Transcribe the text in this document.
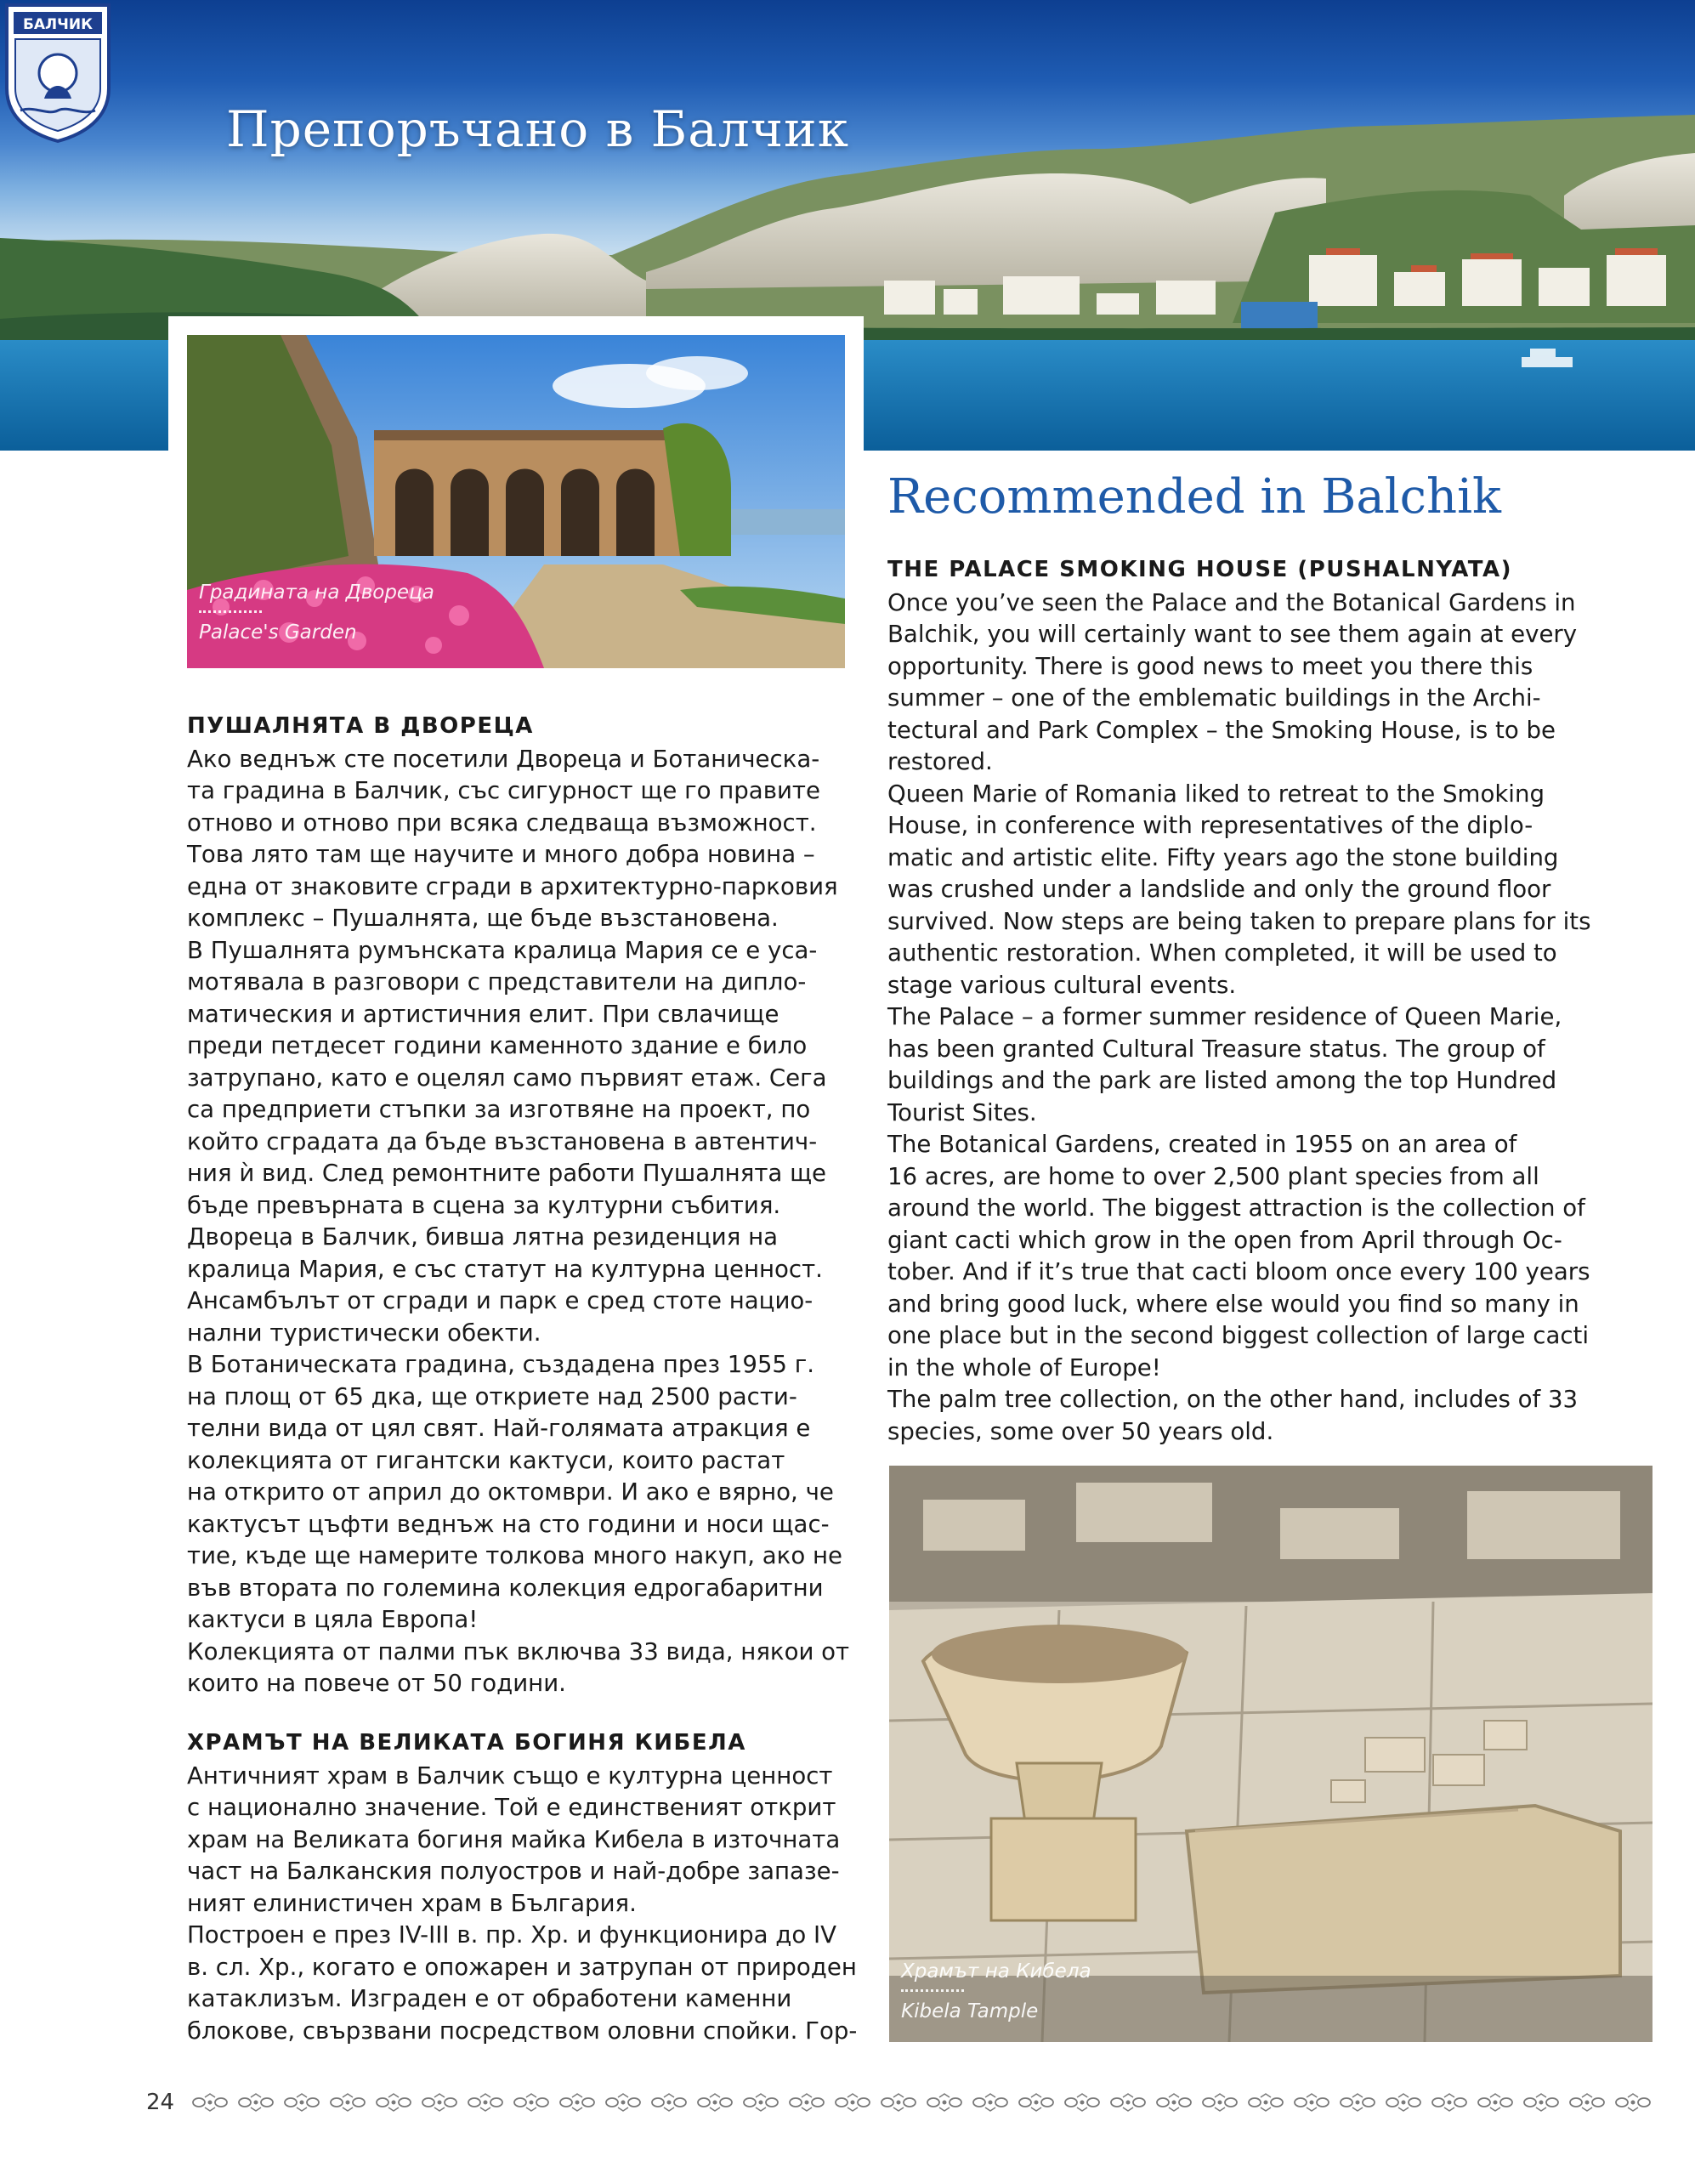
БАЛЧИК
Препоръчано в Балчик
Градината на Двореца
Palace's Garden
Recommended in Balchik

THE PALACE SMOKING HOUSE (PUSHALNYATA)

Once you’ve seen the Palace and the Botanical Gardens in

Balchik, you will certainly want to see them again at every

opportunity. There is good news to meet you there this

summer – one of the emblematic buildings in the Archi-

tectural and Park Complex – the Smoking House, is to be

restored.

Queen Marie of Romania liked to retreat to the Smoking

House, in conference with representatives of the diplo-

matic and artistic elite. Fifty years ago the stone building

was crushed under a landslide and only the ground floor

survived. Now steps are being taken to prepare plans for its

authentic restoration. When completed, it will be used to

stage various cultural events.

The Palace – a former summer residence of Queen Marie,

has been granted Cultural Treasure status. The group of

buildings and the park are listed among the top Hundred

Tourist Sites.

The Botanical Gardens, created in 1955 on an area of

16 acres, are home to over 2,500 plant species from all

around the world. The biggest attraction is the collection of

giant cacti which grow in the open from April through Oc-

tober. And if it’s true that cacti bloom once every 100 years

and bring good luck, where else would you find so many in

one place but in the second biggest collection of large cacti

in the whole of Europe!

The palm tree collection, on the other hand, includes of 33

species, some over 50 years old.

ПУШАЛНЯТА В ДВОРЕЦА

Ако веднъж сте посетили Двореца и Ботаническа-

та градина в Балчик, със сигурност ще го правите

отново и отново при всяка следваща възможност.

Това лято там ще научите и много добра новина –

една от знаковите сгради в архитектурно-парковия

комплекс – Пушалнята, ще бъде възстановена.

В Пушалнята румънската кралица Мария се е уса-

мотявала в разговори с представители на дипло-

матическия и артистичния елит. При свлачище

преди петдесет години каменното здание е било

затрупано, като е оцелял само първият етаж. Сега

са предприети стъпки за изготвяне на проект, по

който сградата да бъде възстановена в автентич-

ния ѝ вид. След ремонтните работи Пушалнята ще

бъде превърната в сцена за културни събития.

Двореца в Балчик, бивша лятна резиденция на

кралица Мария, е със статут на културна ценност.

Ансамбълът от сгради и парк е сред стоте нацио-

нални туристически обекти.

В Ботаническата градина, създадена през 1955 г.

на площ от 65 дка, ще откриете над 2500 расти-

телни вида от цял свят. Най-голямата атракция е

колекцията от гигантски кактуси, които растат

на открито от април до октомври. И ако е вярно, че

кактусът цъфти веднъж на сто години и носи щас-

тие, къде ще намерите толкова много накуп, ако не

във втората по големина колекция едрогабаритни

кактуси в цяла Европа!

Колекцията от палми пък включва 33 вида, някои от

които на повече от 50 години.

ХРАМЪТ НА ВЕЛИКАТА БОГИНЯ КИБЕЛА

Античният храм в Балчик също е културна ценност

с национално значение. Той е единственият открит

храм на Великата богиня майка Кибела в източната

част на Балканския полуостров и най-добре запазе-

ният елинистичен храм в България.

Построен е през IV-III в. пр. Хр. и функционира до IV

в. сл. Хр., когато е опожарен и затрупан от природен

катаклизъм. Изграден е от обработени каменни

блокове, свързвани посредством оловни спойки. Гор-

Храмът на Кибела
Kibela Tample
24
